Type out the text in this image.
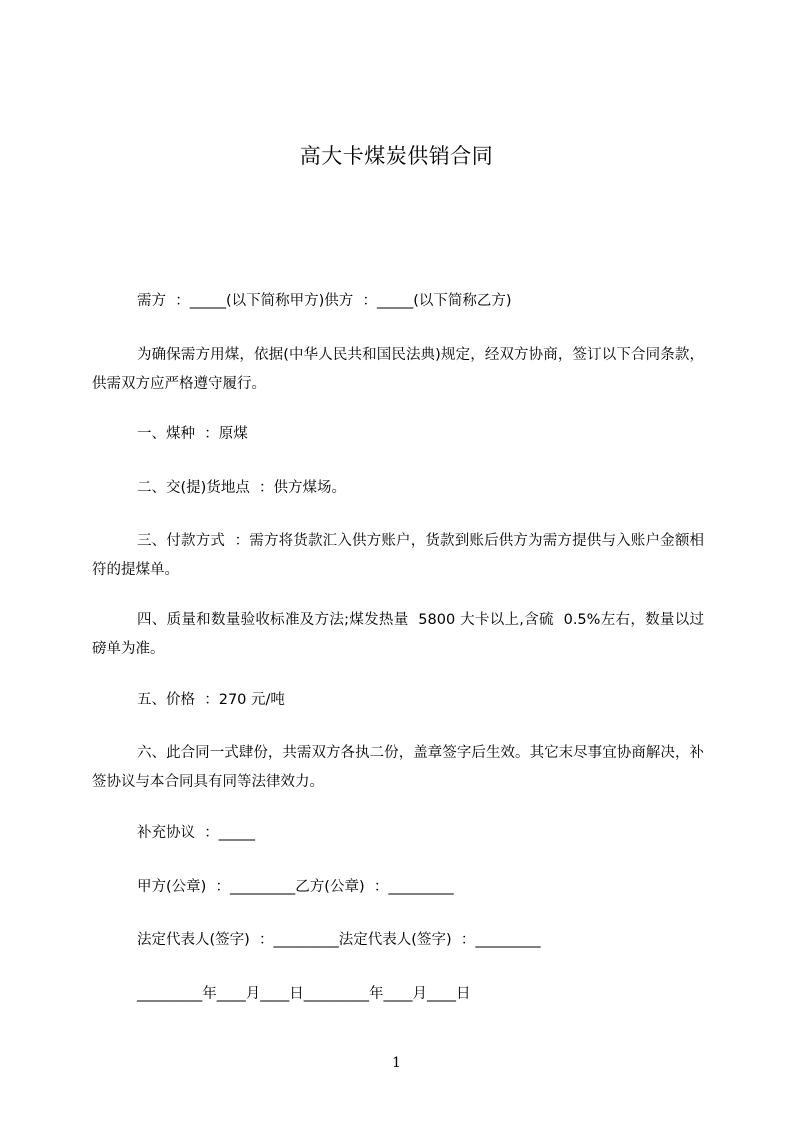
高大卡煤炭供销合同
需方  ：_____(以下简称甲方)供方  ：_____(以下简称乙方)
为确保需方用煤，依据(中华人民共和国民法典)规定，经双方协商，签订以下合同条款，供需双方应严格遵守履行。
一、煤种  ：原煤
二、交(提)货地点  ：供方煤场。
三、付款方式  ：需方将货款汇入供方账户，货款到账后供方为需方提供与入账户金额相符的提煤单。
四、质量和数量验收标准及方法;煤发热量  5800 大卡以上,含硫  0.5%左右，数量以过磅单为准。
五、价格  ：270 元/吨
六、此合同一式肆份，共需双方各执二份，盖章签字后生效。其它末尽事宜协商解决，补签协议与本合同具有同等法律效力。
补充协议  ：_____
甲方(公章)  ：_________乙方(公章)  ：_________
法定代表人(签字)  ：_________法定代表人(签字)  ：_________
_________年____月____日_________年____月____日
1
